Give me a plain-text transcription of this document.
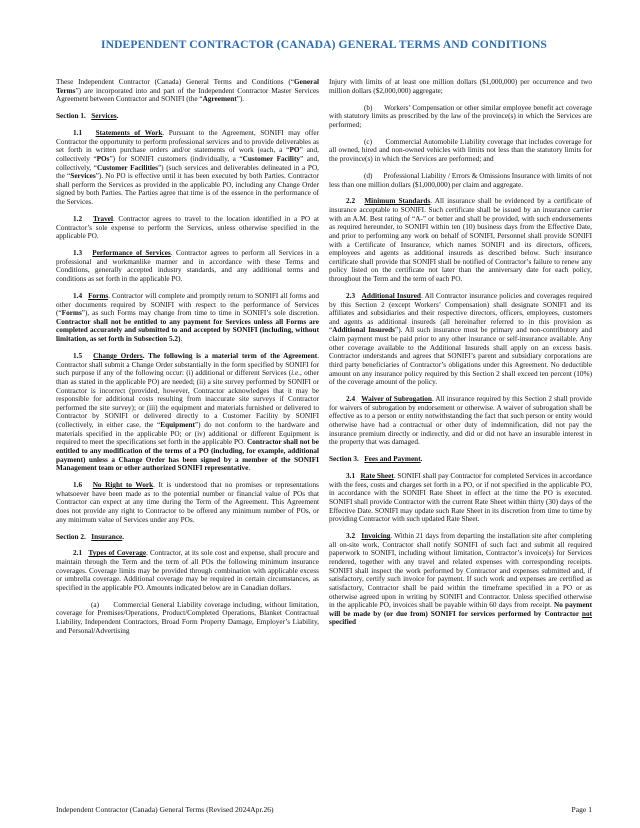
INDEPENDENT CONTRACTOR (CANADA) GENERAL TERMS AND CONDITIONS

These Independent Contractor (Canada) General Terms and Conditions (“General Terms”) are incorporated into and part of the Independent Contractor Master Services Agreement between Contractor and SONIFI (the “Agreement”).

Section 1. Services.

1.1 Statements of Work. Pursuant to the Agreement, SONIFI may offer Contractor the opportunity to perform professional services and to provide deliverables as set forth in written purchase orders and/or statements of work (each, a “PO” and, collectively “POs”) for SONIFI customers (individually, a “Customer Facility” and, collectively, “Customer Facilities”) (such services and deliverables delineated in a PO, the “Services”). No PO is effective until it has been executed by both Parties. Contractor shall perform the Services as provided in the applicable PO, including any Change Order signed by both Parties. The Parties agree that time is of the essence in the performance of the Services.

1.2 Travel. Contractor agrees to travel to the location identified in a PO at Contractor’s sole expense to perform the Services, unless otherwise specified in the applicable PO.

1.3 Performance of Services. Contractor agrees to perform all Services in a professional and workmanlike manner and in accordance with these Terms and Conditions, generally accepted industry standards, and any additional terms and conditions as set forth in the applicable PO.

1.4 Forms. Contractor will complete and promptly return to SONIFI all forms and other documents required by SONIFI with respect to the performance of Services (“Forms”), as such Forms may change from time to time in SONIFI’s sole discretion. Contractor shall not be entitled to any payment for Services unless all Forms are completed accurately and submitted to and accepted by SONIFI (including, without limitation, as set forth in Subsection 5.2).

1.5 Change Orders. The following is a material term of the Agreement. Contractor shall submit a Change Order substantially in the form specified by SONIFI for such purpose if any of the following occur: (i) additional or different Services (i.e., other than as stated in the applicable PO) are needed; (ii) a site survey performed by SONIFI or Contractor is incorrect (provided, however, Contractor acknowledges that it may be responsible for additional costs resulting from inaccurate site surveys if Contractor performed the site survey); or (iii) the equipment and materials furnished or delivered to Contractor by SONIFI or delivered directly to a Customer Facility by SONIFI (collectively, in either case, the “Equipment”) do not conform to the hardware and materials specified in the applicable PO; or (iv) additional or different Equipment is required to meet the specifications set forth in the applicable PO. Contractor shall not be entitled to any modification of the terms of a PO (including, for example, additional payment) unless a Change Order has been signed by a member of the SONIFI Management team or other authorized SONIFI representative.

1.6 No Right to Work. It is understood that no promises or representations whatsoever have been made as to the potential number or financial value of POs that Contractor can expect at any time during the Term of the Agreement. This Agreement does not provide any right to Contractor to be offered any minimum number of POs, or any minimum value of Services under any POs.

Section 2. Insurance.

2.1 Types of Coverage. Contractor, at its sole cost and expense, shall procure and maintain through the Term and the term of all POs the following minimum insurance coverages. Coverage limits may be provided through combination with applicable excess or umbrella coverage. Additional coverage may be required in certain circumstances, as specified in the applicable PO. Amounts indicated below are in Canadian dollars.

(a)      Commercial General Liability coverage including, without limitation, coverage for Premises/Operations, Product/Completed Operations, Blanket Contractual Liability, Independent Contractors, Broad Form Property Damage, Employer’s Liability, and Personal/Advertising

Injury with limits of at least one million dollars ($1,000,000) per occurrence and two million dollars ($2,000,000) aggregate;

(b)      Workers’ Compensation or other similar employee benefit act coverage with statutory limits as prescribed by the law of the province(s) in which the Services are performed;

(c)      Commercial Automobile Liability coverage that includes coverage for all owned, hired and non-owned vehicles with limits not less than the statutory limits for the province(s) in which the Services are performed; and

(d)      Professional Liability / Errors & Omissions Insurance with limits of not less than one million dollars ($1,000,000) per claim and aggregate.

2.2 Minimum Standards. All insurance shall be evidenced by a certificate of insurance acceptable to SONIFI. Such certificate shall be issued by an insurance carrier with an A.M. Best rating of “A-” or better and shall be provided, with such endorsements as required hereunder, to SONIFI within ten (10) business days from the Effective Date, and prior to performing any work on behalf of SONIFI, Personnel shall provide SONIFI with a Certificate of Insurance, which names SONIFI and its directors, officers, employees and agents as additional insureds as described below. Such insurance certificate shall provide that SONIFI shall be notified of Contractor’s failure to renew any policy listed on the certificate not later than the anniversary date for each policy, throughout the Term and the term of each PO.

2.3 Additional Insured. All Contractor insurance policies and coverages required by this Section 2 (except Workers’ Compensation) shall designate SONIFI and its affiliates and subsidiaries and their respective directors, officers, employees, customers and agents as additional insureds (all hereinafter referred to in this provision as “Additional Insureds”). All such insurance must be primary and non-contributory and claim payment must be paid prior to any other insurance or self-insurance available. Any other coverage available to the Additional Insureds shall apply on an excess basis. Contractor understands and agrees that SONIFI’s parent and subsidiary corporations are third party beneficiaries of Contractor’s obligations under this Agreement. No deductible amount on any insurance policy required by this Section 2 shall exceed ten percent (10%) of the coverage amount of the policy.

2.4 Waiver of Subrogation. All insurance required by this Section 2 shall provide for waivers of subrogation by endorsement or otherwise. A waiver of subrogation shall be effective as to a person or entity notwithstanding the fact that such person or entity would otherwise have had a contractual or other duty of indemnification, did not pay the insurance premium directly or indirectly, and did or did not have an insurable interest in the property that was damaged.

Section 3. Fees and Payment.

3.1 Rate Sheet. SONIFI shall pay Contractor for completed Services in accordance with the fees, costs and charges set forth in a PO, or if not specified in the applicable PO, in accordance with the SONIFI Rate Sheet in effect at the time the PO is executed. SONIFI shall provide Contractor with the current Rate Sheet within thirty (30) days of the Effective Date. SONIFI may update such Rate Sheet in its discretion from time to time by providing Contractor with such updated Rate Sheet.

3.2 Invoicing. Within 21 days from departing the installation site after completing all on-site work, Contractor shall notify SONIFI of such fact and submit all required paperwork to SONIFI, including without limitation, Contractor’s invoice(s) for Services rendered, together with any travel and related expenses with corresponding receipts. SONIFI shall inspect the work performed by Contractor and expenses submitted and, if satisfactory, certify such invoice for payment. If such work and expenses are certified as satisfactory, Contractor shall be paid within the timeframe specified in a PO or as otherwise agreed upon in writing by SONIFI and Contractor. Unless specified otherwise in the applicable PO, invoices shall be payable within 60 days from receipt. No payment will be made by (or due from) SONIFI for services performed by Contractor not specified

Independent Contractor (Canada) General Terms (Revised 2024Apr.26)	Page 1
